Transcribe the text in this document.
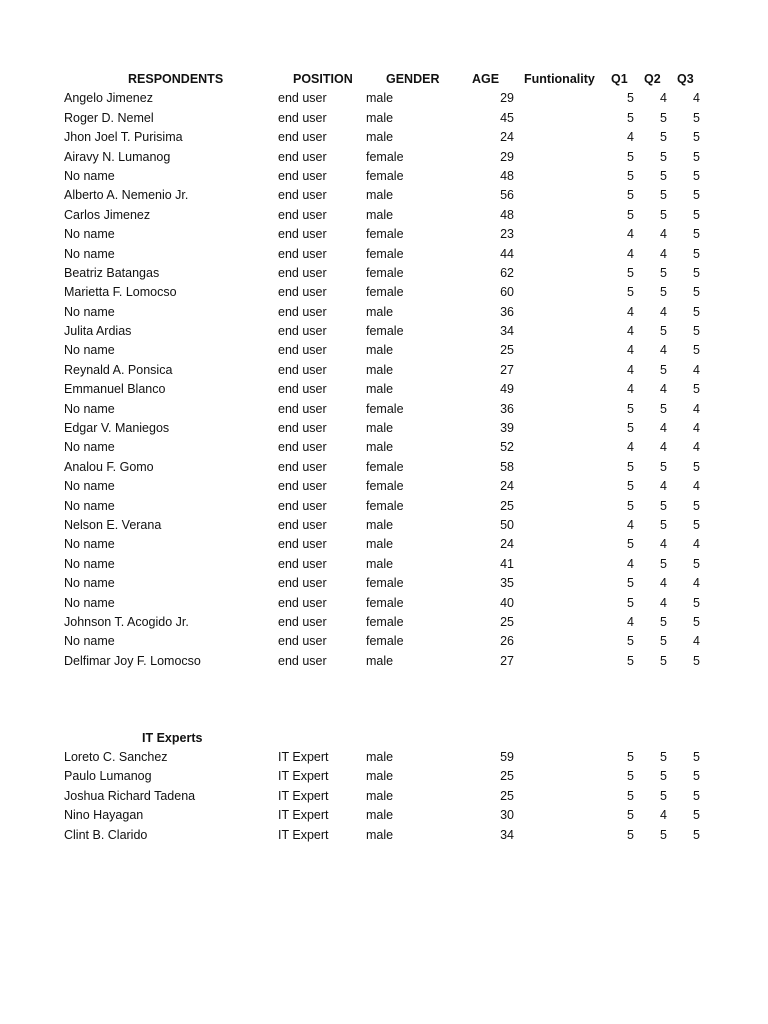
RESPONDENTS	POSITION	GENDER	AGE Funtionality Q1 Q2 Q3
Angelo Jimenez	end user	male	29	5	4	4
Roger D. Nemel	end user	male	45	5	5	5
Jhon Joel T. Purisima	end user	male	24	4	5	5
Airavy N. Lumanog	end user	female	29	5	5	5
No name	end user	female	48	5	5	5
Alberto A. Nemenio Jr.	end user	male	56	5	5	5
Carlos Jimenez	end user	male	48	5	5	5
No name	end user	female	23	4	4	5
No name	end user	female	44	4	4	5
Beatriz Batangas	end user	female	62	5	5	5
Marietta F. Lomocso	end user	female	60	5	5	5
No name	end user	male	36	4	4	5
Julita Ardias	end user	female	34	4	5	5
No name	end user	male	25	4	4	5
Reynald A. Ponsica	end user	male	27	4	5	4
Emmanuel Blanco	end user	male	49	4	4	5
No name	end user	female	36	5	5	4
Edgar V. Maniegos	end user	male	39	5	4	4
No name	end user	male	52	4	4	4
Analou F. Gomo	end user	female	58	5	5	5
No name	end user	female	24	5	4	4
No name	end user	female	25	5	5	5
Nelson E. Verana	end user	male	50	4	5	5
No name	end user	male	24	5	4	4
No name	end user	male	41	4	5	5
No name	end user	female	35	5	4	4
No name	end user	female	40	5	4	5
Johnson T. Acogido Jr.	end user	female	25	4	5	5
No name	end user	female	26	5	5	4
Delfimar Joy F. Lomocso	end user	male	27	5	5	5
IT Experts
Loreto C. Sanchez	IT Expert	male	59	5	5	5
Paulo Lumanog	IT Expert	male	25	5	5	5
Joshua Richard Tadena	IT Expert	male	25	5	5	5
Nino Hayagan	IT Expert	male	30	5	4	5
Clint B. Clarido	IT Expert	male	34	5	5	5
